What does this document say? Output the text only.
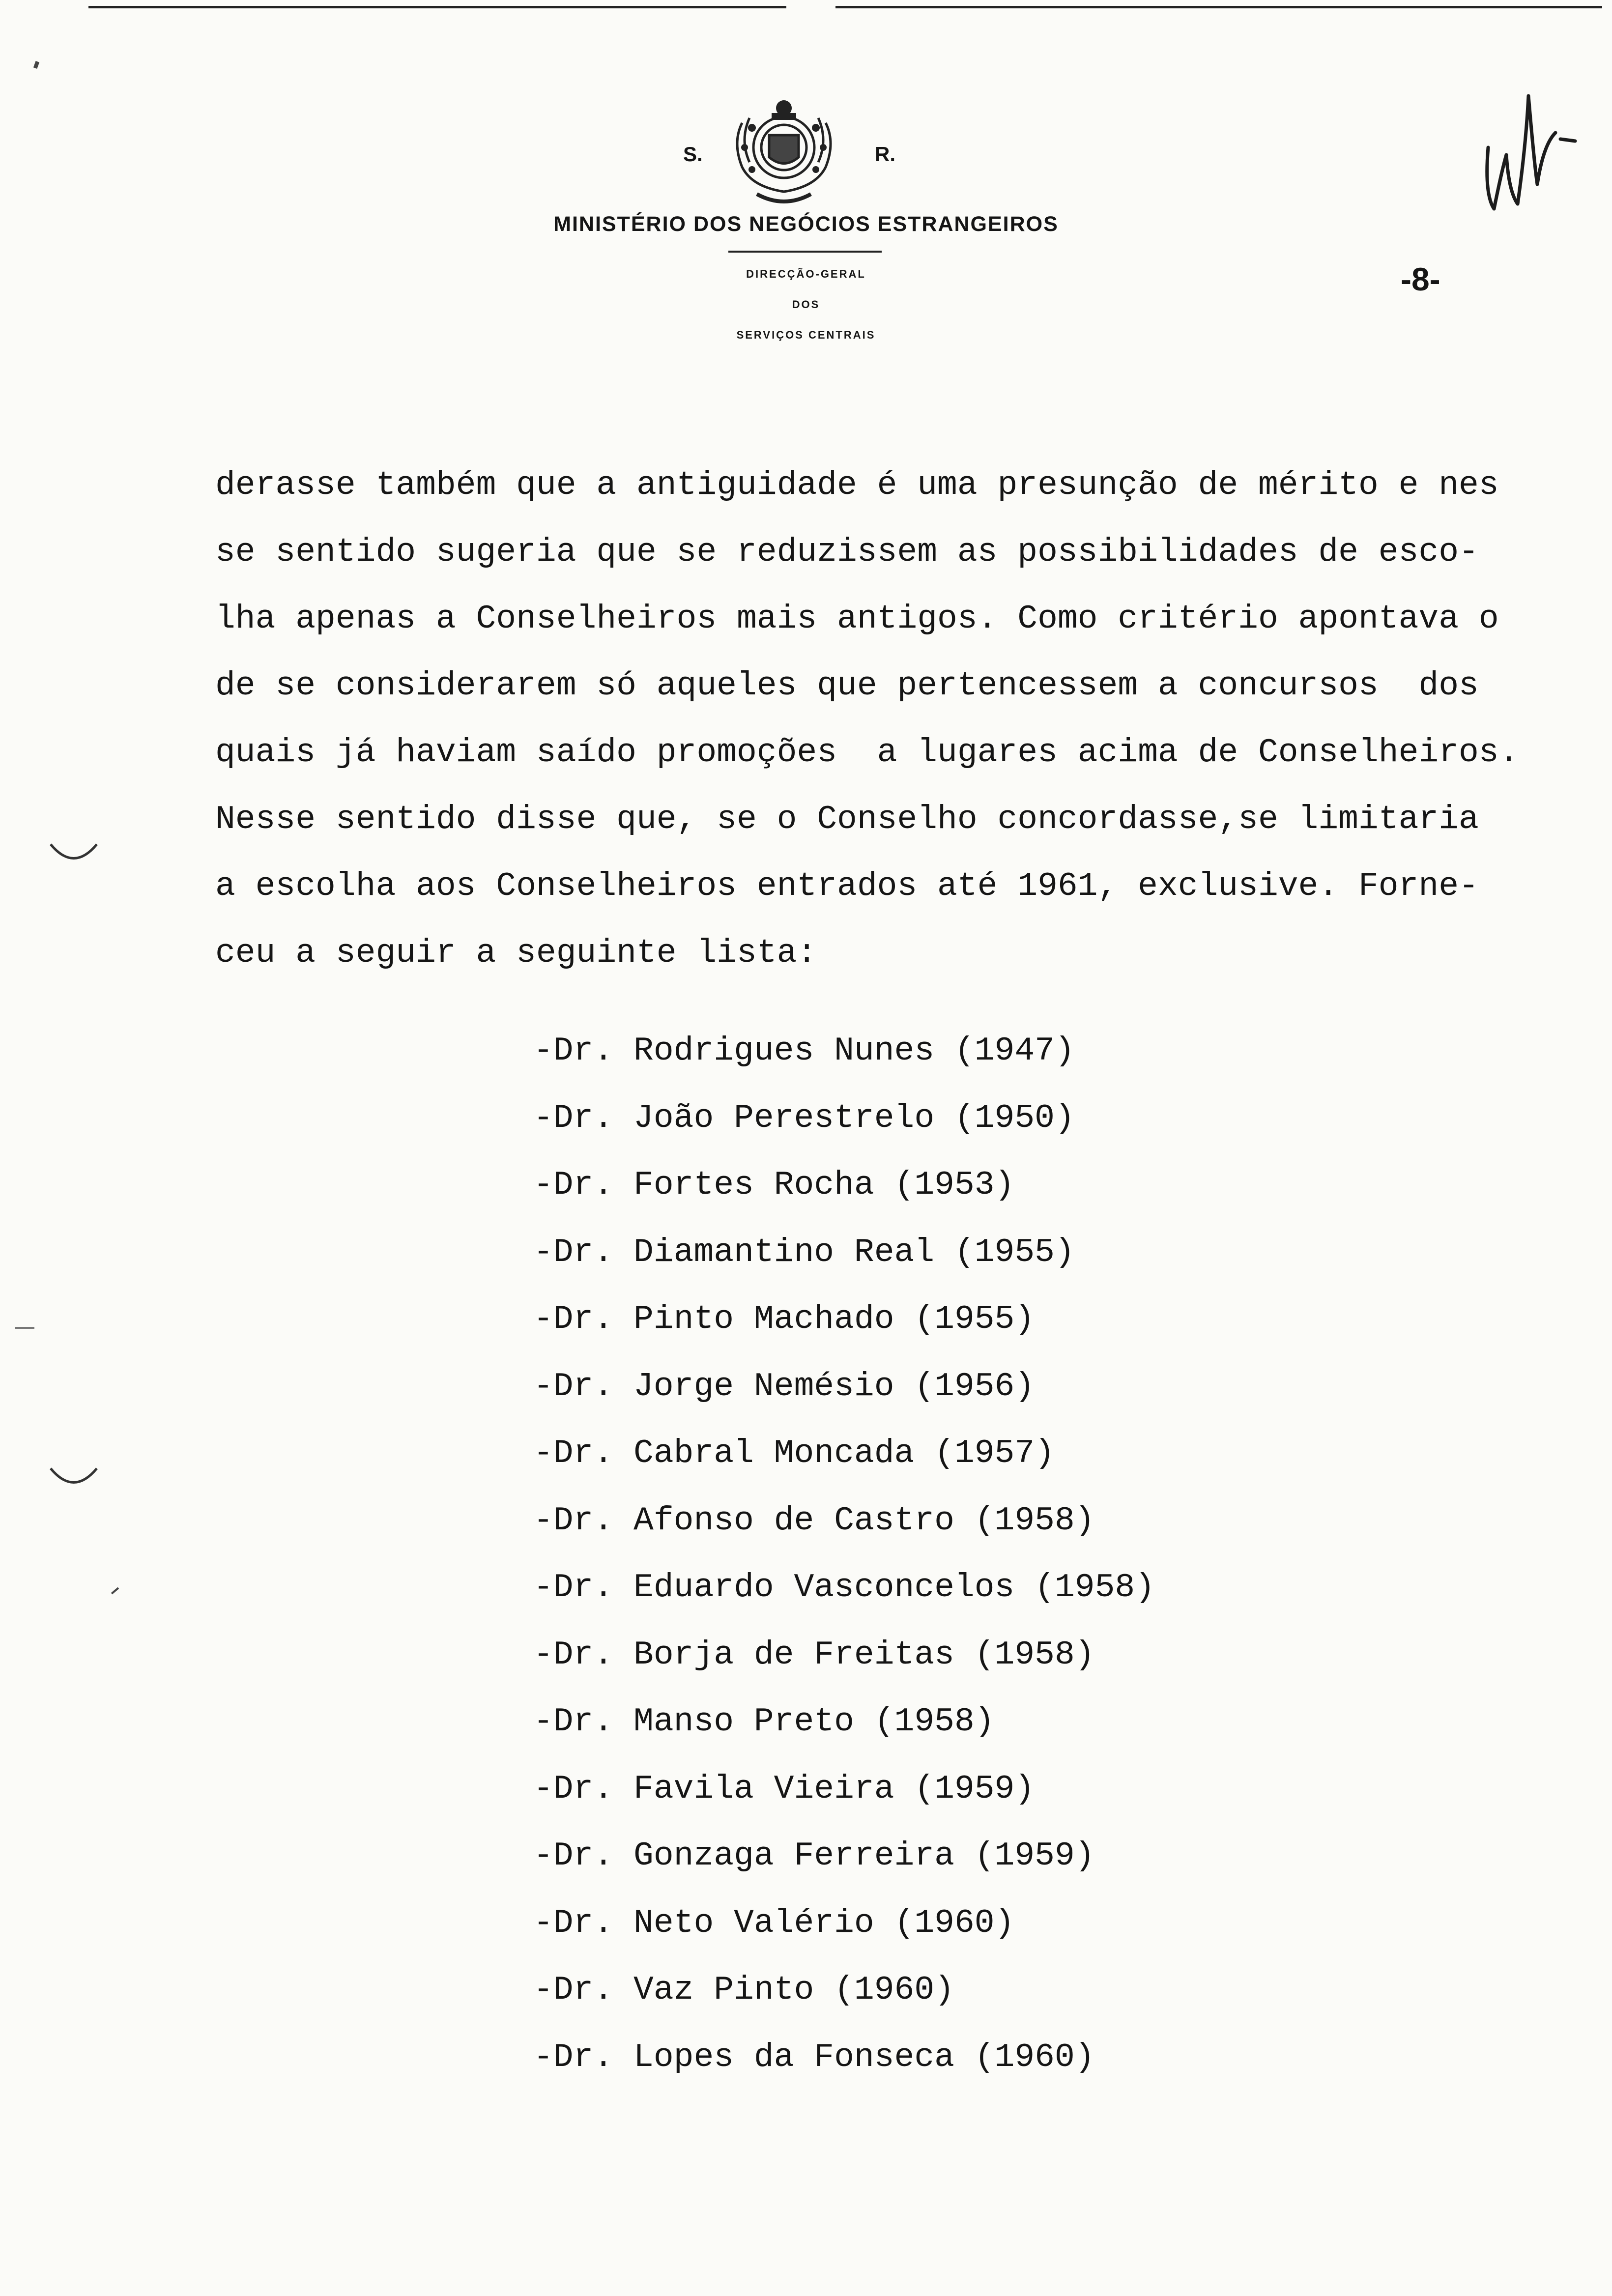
S.	R.
MINISTÉRIO DOS NEGÓCIOS ESTRANGEIROS
DIRECÇÃO-GERAL
DOS
SERVIÇOS CENTRAIS
-8-
derasse também que a antiguidade é uma presunção de mérito e nes
se sentido sugeria que se reduzissem as possibilidades de esco-
lha apenas a Conselheiros mais antigos. Como critério apontava o
de se considerarem só aqueles que pertencessem a concursos  dos
quais já haviam saído promoções  a lugares acima de Conselheiros.
Nesse sentido disse que, se o Conselho concordasse,se limitaria
a escolha aos Conselheiros entrados até 1961, exclusive. Forne-
ceu a seguir a seguinte lista:
-Dr. Rodrigues Nunes (1947)
-Dr. João Perestrelo (1950)
-Dr. Fortes Rocha (1953)
-Dr. Diamantino Real (1955)
-Dr. Pinto Machado (1955)
-Dr. Jorge Nemésio (1956)
-Dr. Cabral Moncada (1957)
-Dr. Afonso de Castro (1958)
-Dr. Eduardo Vasconcelos (1958)
-Dr. Borja de Freitas (1958)
-Dr. Manso Preto (1958)
-Dr. Favila Vieira (1959)
-Dr. Gonzaga Ferreira (1959)
-Dr. Neto Valério (1960)
-Dr. Vaz Pinto (1960)
-Dr. Lopes da Fonseca (1960)
